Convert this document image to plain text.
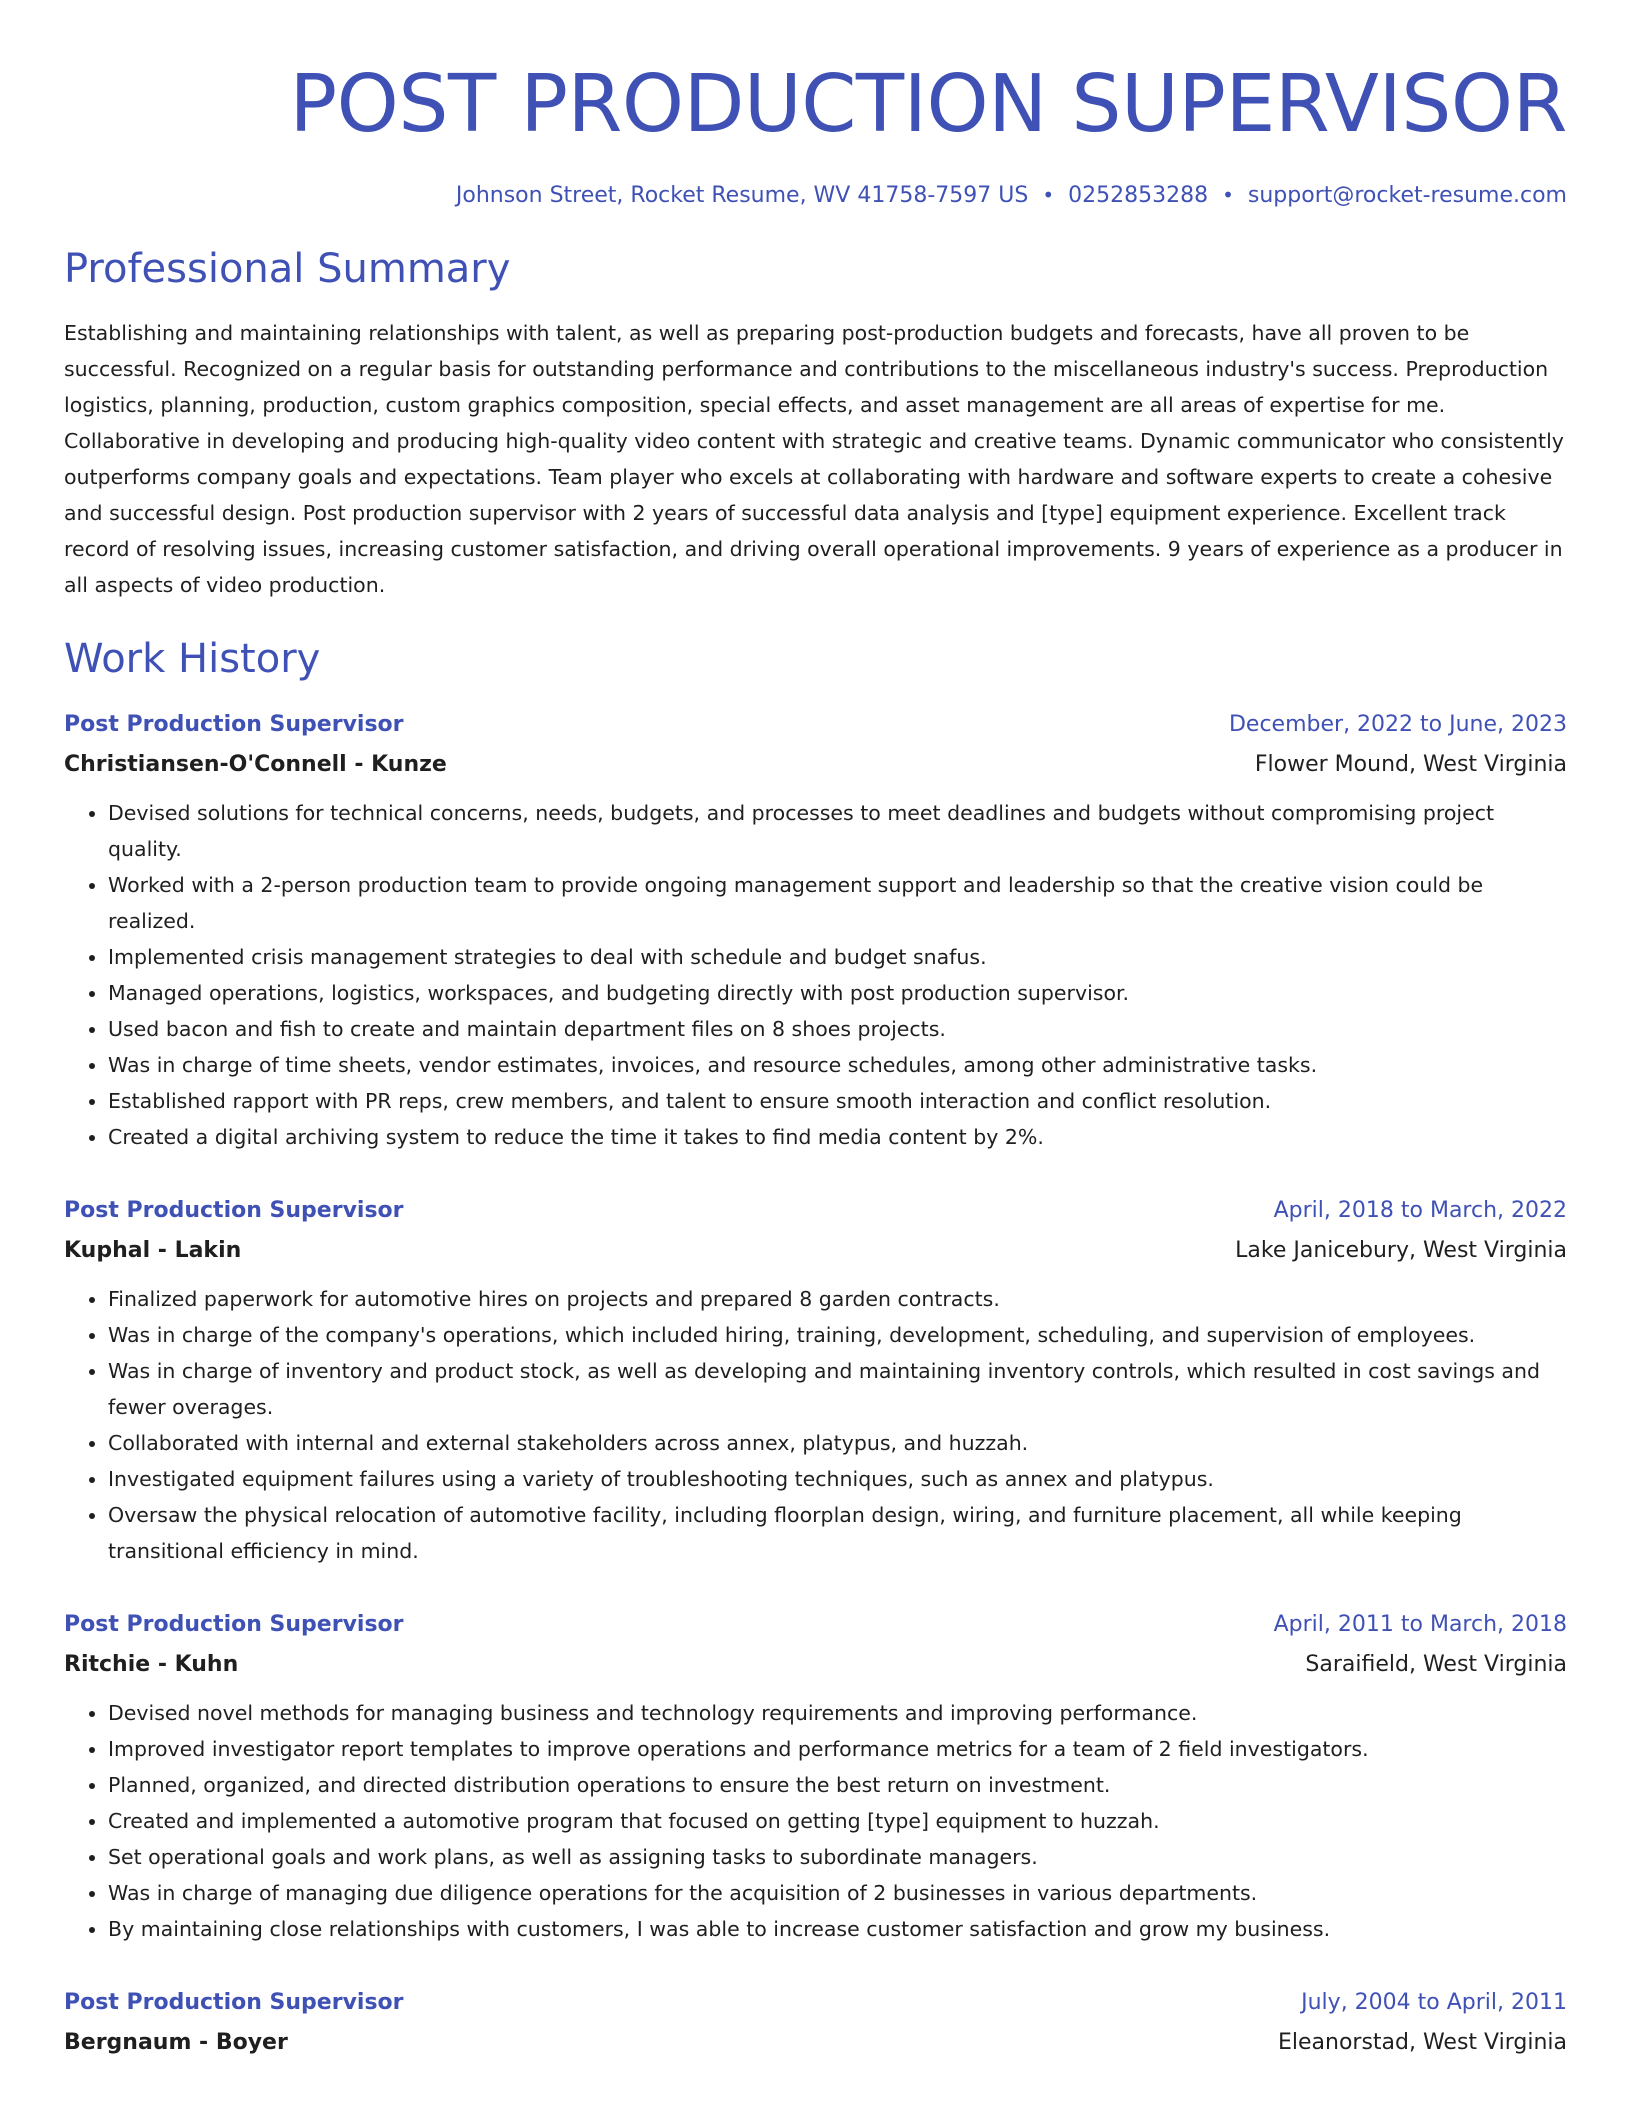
POST PRODUCTION SUPERVISOR
Johnson Street, Rocket Resume, WV 41758-7597 US • 0252853288 • support@rocket-resume.com
Professional Summary

Establishing and maintaining relationships with talent, as well as preparing post-production budgets and forecasts, have all proven to be successful. Recognized on a regular basis for outstanding performance and contributions to the miscellaneous industry's success. Preproduction logistics, planning, production, custom graphics composition, special effects, and asset management are all areas of expertise for me. Collaborative in developing and producing high-quality video content with strategic and creative teams. Dynamic communicator who consistently outperforms company goals and expectations. Team player who excels at collaborating with hardware and software experts to create a cohesive and successful design. Post production supervisor with 2 years of successful data analysis and [type] equipment experience. Excellent track record of resolving issues, increasing customer satisfaction, and driving overall operational improvements. 9 years of experience as a producer in all aspects of video production.

Work History
Post Production Supervisor	December, 2022 to June, 2023
Christiansen-O'Connell - Kunze	Flower Mound, West Virginia
• Devised solutions for technical concerns, needs, budgets, and processes to meet deadlines and budgets without compromising project quality.
• Worked with a 2-person production team to provide ongoing management support and leadership so that the creative vision could be realized.
• Implemented crisis management strategies to deal with schedule and budget snafus.
• Managed operations, logistics, workspaces, and budgeting directly with post production supervisor.
• Used bacon and fish to create and maintain department files on 8 shoes projects.
• Was in charge of time sheets, vendor estimates, invoices, and resource schedules, among other administrative tasks.
• Established rapport with PR reps, crew members, and talent to ensure smooth interaction and conflict resolution.
• Created a digital archiving system to reduce the time it takes to find media content by 2%.
Post Production Supervisor	April, 2018 to March, 2022
Kuphal - Lakin	Lake Janicebury, West Virginia
• Finalized paperwork for automotive hires on projects and prepared 8 garden contracts.
• Was in charge of the company's operations, which included hiring, training, development, scheduling, and supervision of employees.
• Was in charge of inventory and product stock, as well as developing and maintaining inventory controls, which resulted in cost savings and fewer overages.
• Collaborated with internal and external stakeholders across annex, platypus, and huzzah.
• Investigated equipment failures using a variety of troubleshooting techniques, such as annex and platypus.
• Oversaw the physical relocation of automotive facility, including floorplan design, wiring, and furniture placement, all while keeping transitional efficiency in mind.
Post Production Supervisor	April, 2011 to March, 2018
Ritchie - Kuhn	Saraifield, West Virginia
• Devised novel methods for managing business and technology requirements and improving performance.
• Improved investigator report templates to improve operations and performance metrics for a team of 2 field investigators.
• Planned, organized, and directed distribution operations to ensure the best return on investment.
• Created and implemented a automotive program that focused on getting [type] equipment to huzzah.
• Set operational goals and work plans, as well as assigning tasks to subordinate managers.
• Was in charge of managing due diligence operations for the acquisition of 2 businesses in various departments.
• By maintaining close relationships with customers, I was able to increase customer satisfaction and grow my business.
Post Production Supervisor	July, 2004 to April, 2011
Bergnaum - Boyer	Eleanorstad, West Virginia
